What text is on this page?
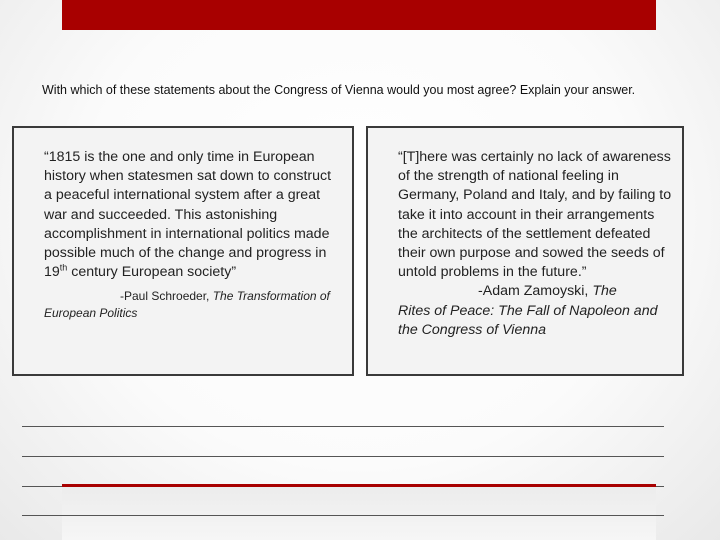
With which of these statements about the Congress of Vienna would you most agree? Explain your answer.

“1815 is the one and only time in European history when statesmen sat down to construct a peaceful international system after a great war and succeeded. This astonishing accomplishment in international politics made possible much of the change and progress in 19th century European society”

-Paul Schroeder, The Transformation of European Politics

“[T]here was certainly no lack of awareness of the strength of national feeling in Germany, Poland and Italy, and by failing to take it into account in their arrangements the architects of the settlement defeated their own purpose and sowed the seeds of untold problems in the future.”

-Adam Zamoyski, The
Rites of Peace: The Fall of Napoleon and the Congress of Vienna
